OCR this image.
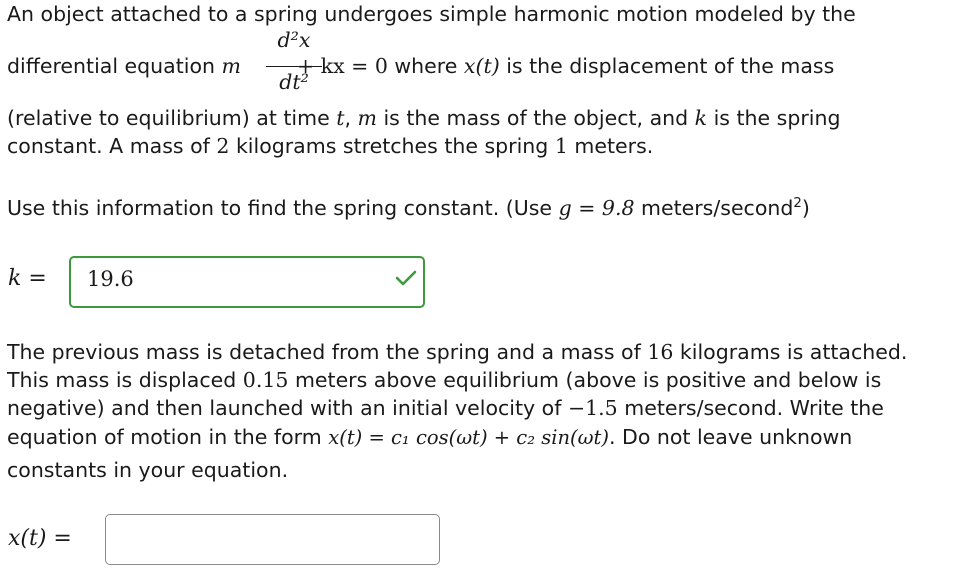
An object attached to a spring undergoes simple harmonic motion modeled by the
differential equation m	+ kx = 0 where x(t) is the displacement of the mass
d²x
dt²
(relative to equilibrium) at time t, m is the mass of the object, and k is the spring
constant. A mass of 2 kilograms stretches the spring 1 meters.
Use this information to find the spring constant. (Use g = 9.8 meters/second$^2$)
k = 19.6
The previous mass is detached from the spring and a mass of 16 kilograms is attached.
This mass is displaced 0.15 meters above equilibrium (above is positive and below is
negative) and then launched with an initial velocity of −1.5 meters/second. Write the
equation of motion in the form x(t) = c₁ cos(ωt) + c₂ sin(ωt). Do not leave unknown
constants in your equation.
x(t) =
